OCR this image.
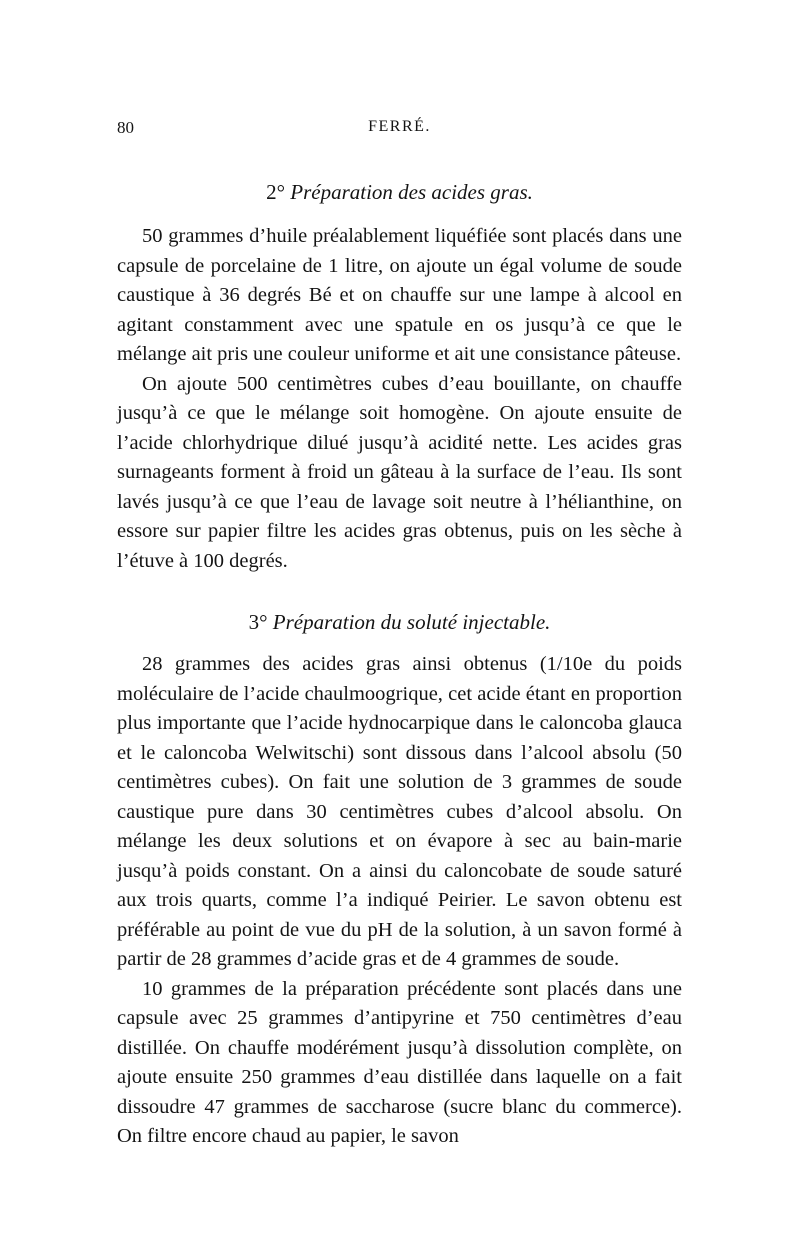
80	FERRÉ.
2° Préparation des acides gras.

50 grammes d’huile préalablement liquéfiée sont placés dans une capsule de porcelaine de 1 litre, on ajoute un égal volume de soude caustique à 36 degrés Bé et on chauffe sur une lampe à alcool en agitant constamment avec une spatule en os jusqu’à ce que le mélange ait pris une couleur uniforme et ait une consistance pâteuse.

On ajoute 500 centimètres cubes d’eau bouillante, on chauffe jusqu’à ce que le mélange soit homogène. On ajoute ensuite de l’acide chlorhydrique dilué jusqu’à acidité nette. Les acides gras surnageants forment à froid un gâteau à la surface de l’eau. Ils sont lavés jusqu’à ce que l’eau de lavage soit neutre à l’hélianthine, on essore sur papier filtre les acides gras obtenus, puis on les sèche à l’étuve à 100 degrés.

3° Préparation du soluté injectable.

28 grammes des acides gras ainsi obtenus (1/10e du poids moléculaire de l’acide chaulmoogrique, cet acide étant en proportion plus importante que l’acide hydnocarpique dans le caloncoba glauca et le caloncoba Welwitschi) sont dissous dans l’alcool absolu (50 centimètres cubes). On fait une solution de 3 grammes de soude caustique pure dans 30 centimètres cubes d’alcool absolu. On mélange les deux solutions et on évapore à sec au bain-marie jusqu’à poids constant. On a ainsi du caloncobate de soude saturé aux trois quarts, comme l’a indiqué Peirier. Le savon obtenu est préférable au point de vue du pH de la solution, à un savon formé à partir de 28 grammes d’acide gras et de 4 grammes de soude.

10 grammes de la préparation précédente sont placés dans une capsule avec 25 grammes d’antipyrine et 750 centimètres d’eau distillée. On chauffe modérément jusqu’à dissolution complète, on ajoute ensuite 250 grammes d’eau distillée dans laquelle on a fait dissoudre 47 grammes de saccharose (sucre blanc du commerce). On filtre encore chaud au papier, le savon
